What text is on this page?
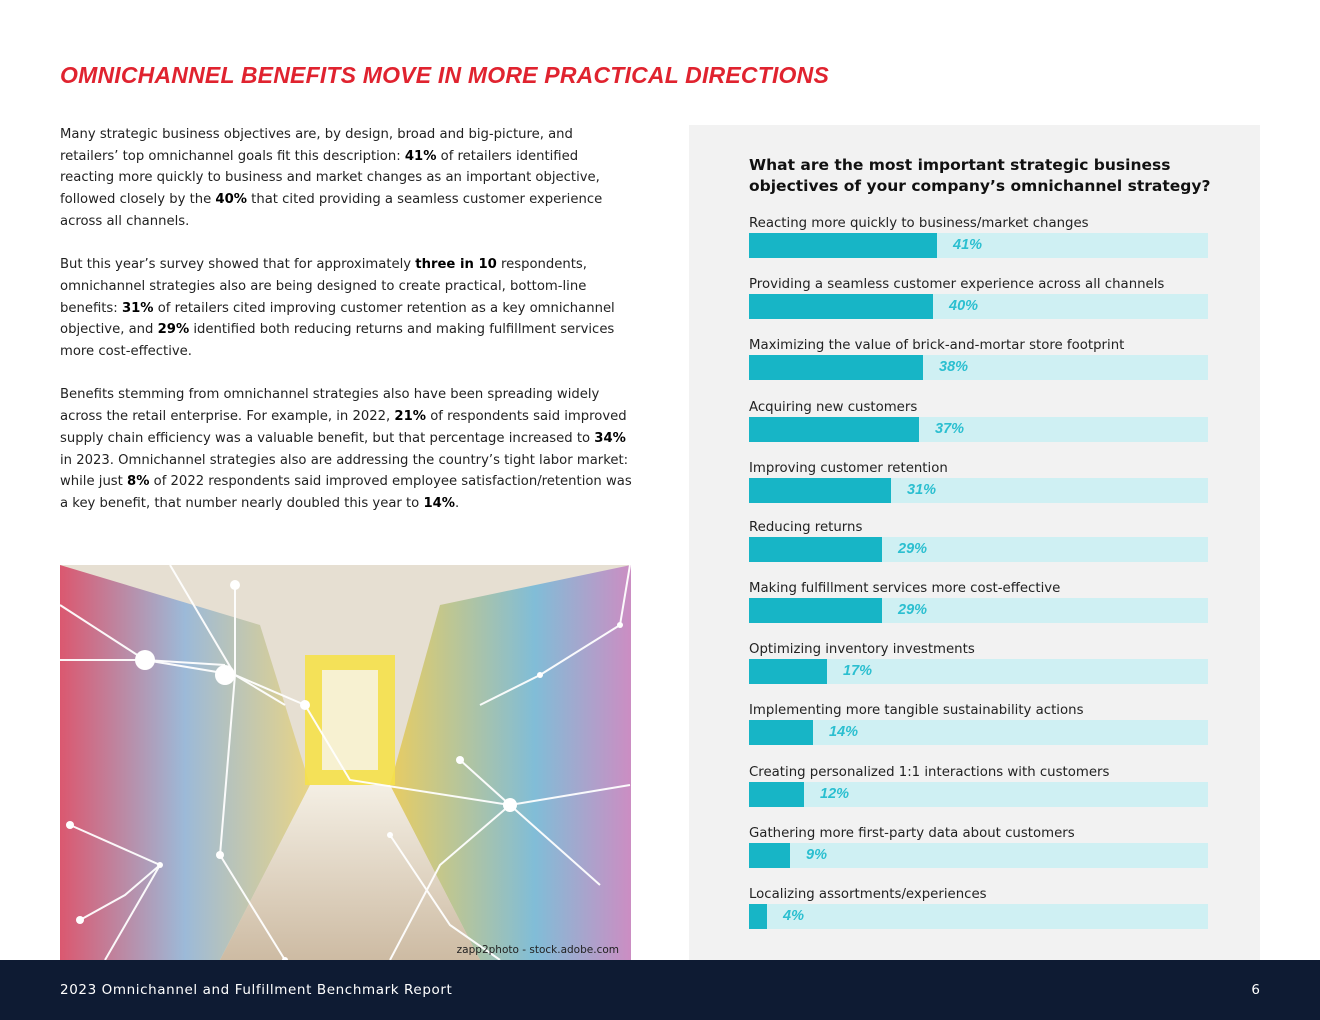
OMNICHANNEL BENEFITS MOVE IN MORE PRACTICAL DIRECTIONS

Many strategic business objectives are, by design, broad and big-picture, and retailers’ top omnichannel goals fit this description: 41% of retailers identified reacting more quickly to business and market changes as an important objective, followed closely by the 40% that cited providing a seamless customer experience across all channels.

But this year’s survey showed that for approximately three in 10 respondents, omnichannel strategies also are being designed to create practical, bottom-line benefits: 31% of retailers cited improving customer retention as a key omnichannel objective, and 29% identified both reducing returns and making fulfillment services more cost-effective.

Benefits stemming from omnichannel strategies also have been spreading widely across the retail enterprise. For example, in 2022, 21% of respondents said improved supply chain efficiency was a valuable benefit, but that percentage increased to 34% in 2023. Omnichannel strategies also are addressing the country’s tight labor market: while just 8% of 2022 respondents said improved employee satisfaction/retention was a key benefit, that number nearly doubled this year to 14%.

zapp2photo - stock.adobe.com
What are the most important strategic business objectives of your company’s omnichannel strategy?
Reacting more quickly to business/market changes
41%
Providing a seamless customer experience across all channels
40%
Maximizing the value of brick-and-mortar store footprint
38%
Acquiring new customers
37%
Improving customer retention
31%
Reducing returns
29%
Making fulfillment services more cost-effective
29%
Optimizing inventory investments
17%
Implementing more tangible sustainability actions
14%
Creating personalized 1:1 interactions with customers
12%
Gathering more first-party data about customers
9%
Localizing assortments/experiences
4%
2023 Omnichannel and Fulfillment Benchmark Report	6
